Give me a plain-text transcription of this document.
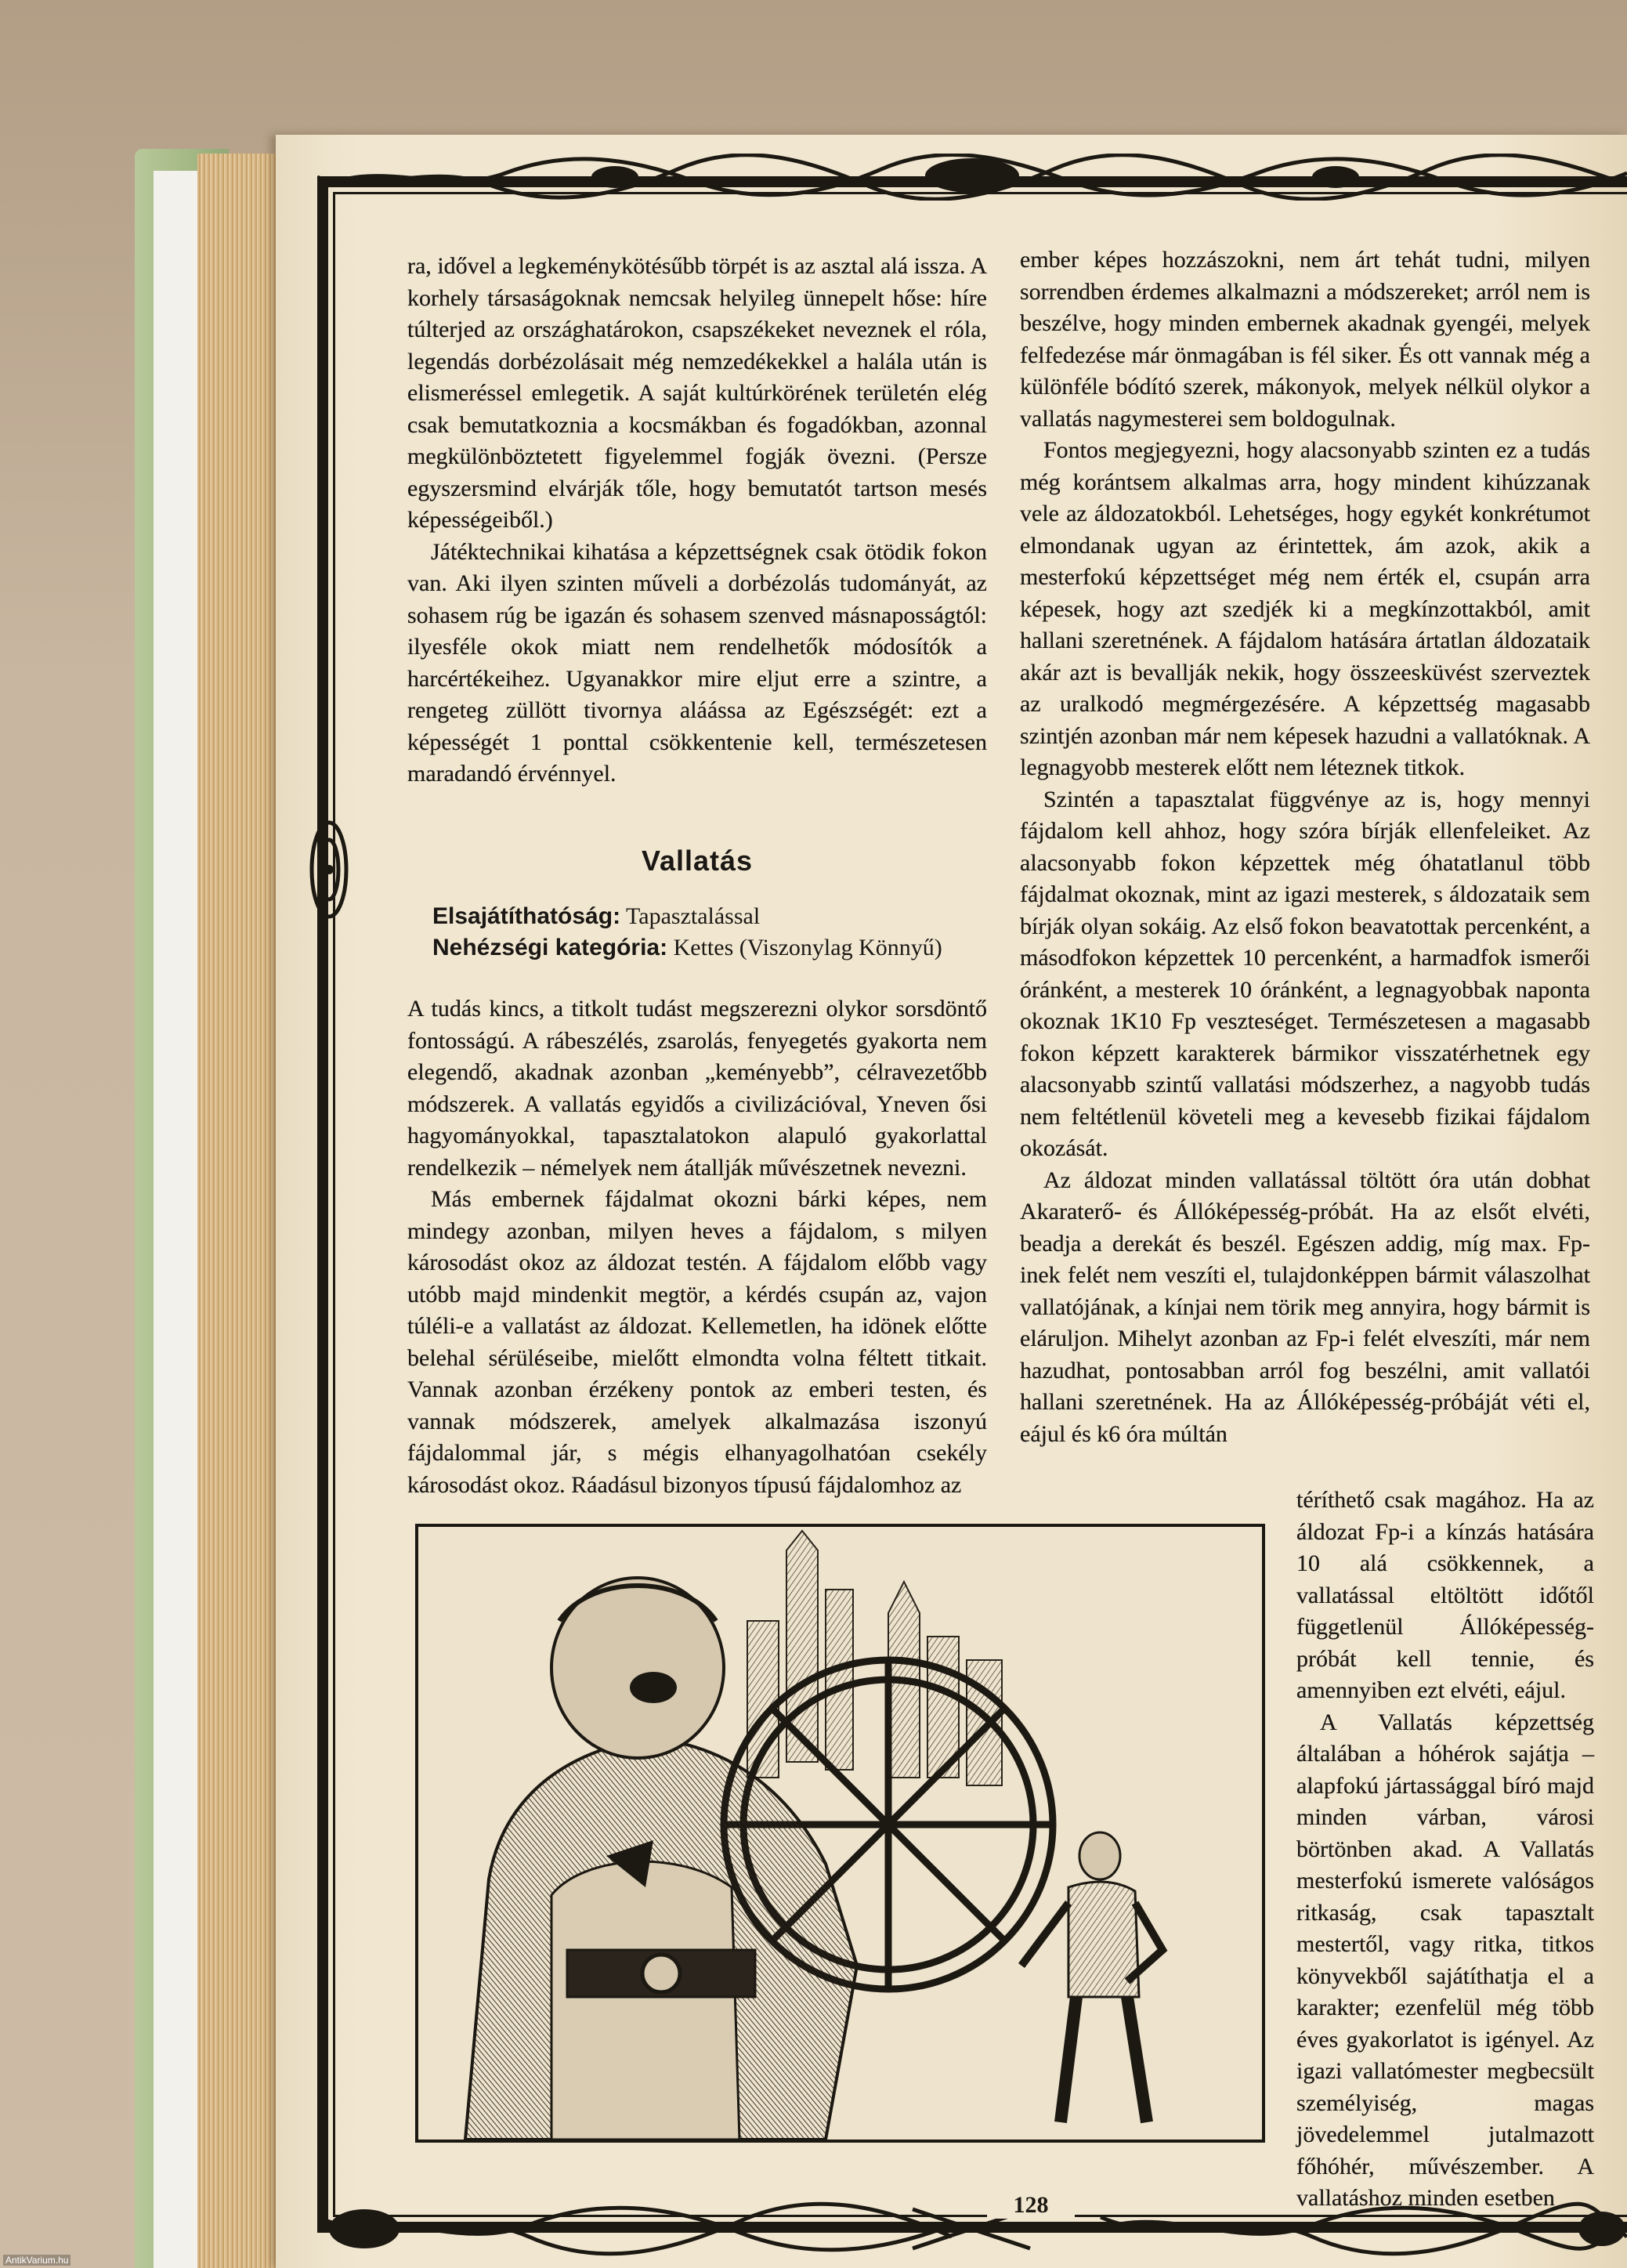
ra, idővel a legkeménykötésűbb törpét is az asztal alá issza. A korhely társaságoknak nemcsak helyileg ünnepelt hőse: híre túlterjed az országhatárokon, csapszékeket neveznek el róla, legendás dorbézolásait még nemzedékekkel a halála után is elismeréssel emlegetik. A saját kultúrkörének területén elég csak bemutatkoznia a kocsmákban és fogadókban, azonnal megkülönböztetett figyelemmel fogják övezni. (Persze egyszersmind elvárják tőle, hogy bemutatót tartson mesés képességeiből.)

Játéktechnikai kihatása a képzettségnek csak ötödik fokon van. Aki ilyen szinten műveli a dorbézolás tudományát, az sohasem rúg be igazán és sohasem szenved másnaposságtól: ilyesféle okok miatt nem rendelhetők módosítók a harcértékeihez. Ugyanakkor mire eljut erre a szintre, a rengeteg züllött tivornya aláássa az Egészségét: ezt a képességét 1 ponttal csökkentenie kell, természetesen maradandó érvénnyel.

Vallatás
Elsajátíthatóság: Tapasztalással
Nehézségi kategória: Kettes (Viszonylag Könnyű)

A tudás kincs, a titkolt tudást megszerezni olykor sorsdöntő fontosságú. A rábeszélés, zsarolás, fenyegetés gyakorta nem elegendő, akadnak azonban „keményebb”, célravezetőbb módszerek. A vallatás egyidős a civilizációval, Yneven ősi hagyományokkal, tapasztalatokon alapuló gyakorlattal rendelkezik – némelyek nem átallják művészetnek nevezni.

Más embernek fájdalmat okozni bárki képes, nem mindegy azonban, milyen heves a fájdalom, s milyen károsodást okoz az áldozat testén. A fájdalom előbb vagy utóbb majd mindenkit megtör, a kérdés csupán az, vajon túléli-e a vallatást az áldozat. Kellemetlen, ha idönek előtte belehal sérüléseibe, mielőtt elmondta volna féltett titkait. Vannak azonban érzékeny pontok az emberi testen, és vannak módszerek, amelyek alkalmazása iszonyú fájdalommal jár, s mégis elhanyagolhatóan csekély károsodást okoz. Ráadásul bizonyos típusú fájdalomhoz az

ember képes hozzászokni, nem árt tehát tudni, milyen sorrendben érdemes alkalmazni a módszereket; arról nem is beszélve, hogy minden embernek akadnak gyengéi, melyek felfedezése már önmagában is fél siker. És ott vannak még a különféle bódító szerek, mákonyok, melyek nélkül olykor a vallatás nagymesterei sem boldogulnak.

Fontos megjegyezni, hogy alacsonyabb szinten ez a tudás még korántsem alkalmas arra, hogy mindent kihúzzanak vele az áldozatokból. Lehetséges, hogy egykét konkrétumot elmondanak ugyan az érintettek, ám azok, akik a mesterfokú képzettséget még nem érték el, csupán arra képesek, hogy azt szedjék ki a megkínzottakból, amit hallani szeretnének. A fájdalom hatására ártatlan áldozataik akár azt is bevallják nekik, hogy összeesküvést szerveztek az uralkodó megmérgezésére. A képzettség magasabb szintjén azonban már nem képesek hazudni a vallatóknak. A legnagyobb mesterek előtt nem léteznek titkok.

Szintén a tapasztalat függvénye az is, hogy mennyi fájdalom kell ahhoz, hogy szóra bírják ellenfeleiket. Az alacsonyabb fokon képzettek még óhatatlanul több fájdalmat okoznak, mint az igazi mesterek, s áldozataik sem bírják olyan sokáig. Az első fokon beavatottak percenként, a másodfokon képzettek 10 percenként, a harmadfok ismerői óránként, a mesterek 10 óránként, a legnagyobbak naponta okoznak 1K10 Fp veszteséget. Természetesen a magasabb fokon képzett karakterek bármikor visszatérhetnek egy alacsonyabb szintű vallatási módszerhez, a nagyobb tudás nem feltétlenül követeli meg a kevesebb fizikai fájdalom okozását.

Az áldozat minden vallatással töltött óra után dobhat Akaraterő- és Állóképesség-próbát. Ha az elsőt elvéti, beadja a derekát és beszél. Egészen addig, míg max. Fp-inek felét nem veszíti el, tulajdonképpen bármit válaszolhat vallatójának, a kínjai nem törik meg annyira, hogy bármit is eláruljon. Mihelyt azonban az Fp-i felét elveszíti, már nem hazudhat, pontosabban arról fog beszélni, amit vallatói hallani szeretnének. Ha az Állóképesség-próbáját véti el, eájul és k6 óra múltán

téríthető csak magához. Ha az áldozat Fp-i a kínzás hatására 10 alá csökkennek, a vallatással eltöltött időtől függetlenül Állóképesség-próbát kell tennie, és amennyiben ezt elvéti, eájul.

A Vallatás képzettség általában a hóhérok sajátja – alapfokú jártassággal bíró majd minden várban, városi börtönben akad. A Vallatás mesterfokú ismerete valóságos ritkaság, csak tapasztalt mestertől, vagy ritka, titkos könyvekből sajátíthatja el a karakter; ezenfelül még több éves gyakorlatot is igényel. Az igazi vallatómester megbecsült személyiség, magas jövedelemmel jutalmazott főhóhér, művészember. A vallatáshoz minden esetben

128
AntikVarium.hu
